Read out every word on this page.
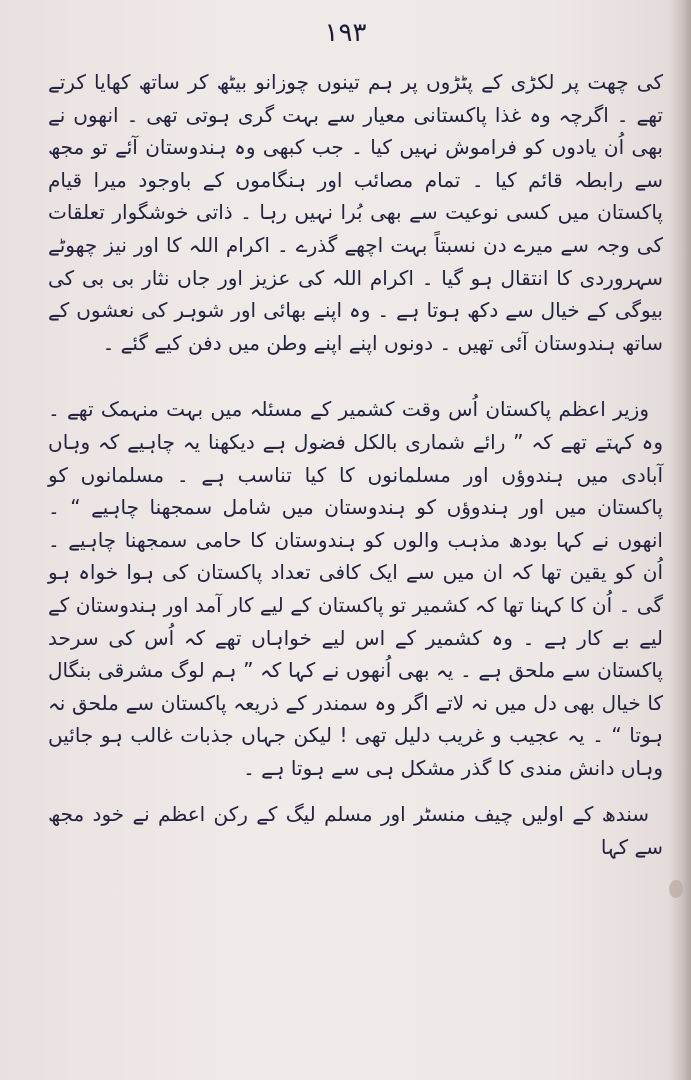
۱۹۳

کی چھت پر لکڑی کے پٹڑوں پر ہم تینوں چوزانو بیٹھ کر ساتھ کھایا کرتے تھے ۔ اگرچہ وہ غذا پاکستانی معیار سے بہت گری ہوتی تھی ۔ انھوں نے بھی اُن یادوں کو فراموش نہیں کیا ۔ جب کبھی وہ ہندوستان آئے تو مجھ سے رابطہ قائم کیا ۔ تمام مصائب اور ہنگاموں کے باوجود میرا قیام پاکستان میں کسی نوعیت سے بھی بُرا نہیں رہا ۔ ذاتی خوشگوار تعلقات کی وجہ سے میرے دن نسبتاً بہت اچھے گذرے ۔ اکرام اللہ کا اور نیز چھوٹے سہروردی کا انتقال ہو گیا ۔ اکرام اللہ کی عزیز اور جاں نثار بی بی کی بیوگی کے خیال سے دکھ ہوتا ہے ۔ وہ اپنے بھائی اور شوہر کی نعشوں کے ساتھ ہندوستان آئی تھیں ۔ دونوں اپنے اپنے وطن میں دفن کیے گئے ۔

وزیر اعظم پاکستان اُس وقت کشمیر کے مسئلہ میں بہت منہمک تھے ۔ وہ کہتے تھے کہ ” رائے شماری بالکل فضول ہے دیکھنا یہ چاہیے کہ وہاں آبادی میں ہندوؤں اور مسلمانوں کا کیا تناسب ہے ۔ مسلمانوں کو پاکستان میں اور ہندوؤں کو ہندوستان میں شامل سمجھنا چاہیے “ ۔ انھوں نے کہا بودھ مذہب والوں کو ہندوستان کا حامی سمجھنا چاہیے ۔ اُن کو یقین تھا کہ ان میں سے ایک کافی تعداد پاکستان کی ہوا خواہ ہو گی ۔ اُن کا کہنا تھا کہ کشمیر تو پاکستان کے لیے کار آمد اور ہندوستان کے لیے بے کار ہے ۔ وہ کشمیر کے اس لیے خواہاں تھے کہ اُس کی سرحد پاکستان سے ملحق ہے ۔ یہ بھی اُنھوں نے کہا کہ ” ہم لوگ مشرقی بنگال کا خیال بھی دل میں نہ لاتے اگر وہ سمندر کے ذریعہ پاکستان سے ملحق نہ ہوتا “ ۔ یہ عجیب و غریب دلیل تھی ! لیکن جہاں جذبات غالب ہو جائیں وہاں دانش مندی کا گذر مشکل ہی سے ہوتا ہے ۔

سندھ کے اولیں چیف منسٹر اور مسلم لیگ کے رکن اعظم نے خود مجھ سے کہا
